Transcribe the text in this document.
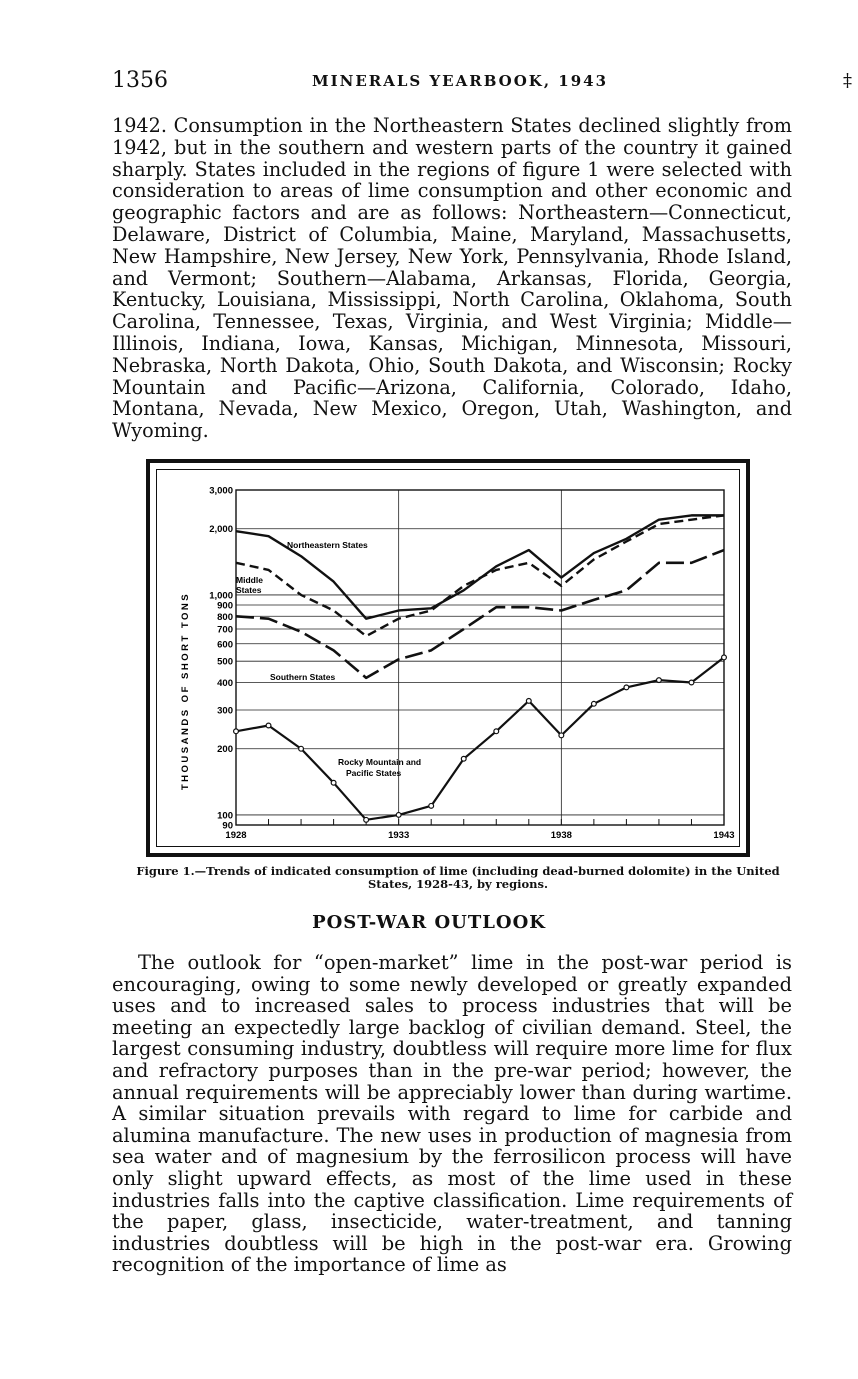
1356	MINERALS YEARBOOK, 1943	‡

1942. Consumption in the Northeastern States declined slightly from 1942, but in the southern and western parts of the country it gained sharply. States included in the regions of figure 1 were selected with consideration to areas of lime consumption and other economic and geographic factors and are as follows: Northeastern—Connecticut, Delaware, District of Columbia, Maine, Maryland, Massachusetts, New Hampshire, New Jersey, New York, Pennsylvania, Rhode Island, and Vermont; Southern—Alabama, Arkansas, Florida, Georgia, Kentucky, Louisiana, Mississippi, North Carolina, Oklahoma, South Carolina, Tennessee, Texas, Virginia, and West Virginia; Middle—Illinois, Indiana, Iowa, Kansas, Michigan, Minnesota, Missouri, Nebraska, North Dakota, Ohio, South Dakota, and Wisconsin; Rocky Mountain and Pacific—Arizona, California, Colorado, Idaho, Montana, Nevada, New Mexico, Oregon, Utah, Washington, and Wyoming.

90
100
200
300
400
500
600
700
800
900
1,000
2,000
3,000
1928	1933	1938	1943
Northeastern States
Middle
States
Southern States
Rocky Mountain and
Pacific States
THOUSANDS OF SHORT TONS
Figure 1.—Trends of indicated consumption of lime (including dead-burned dolomite) in the United States, 1928-43, by regions.
POST-WAR OUTLOOK

The outlook for “open-market” lime in the post-war period is encouraging, owing to some newly developed or greatly expanded uses and to increased sales to process industries that will be meeting an expectedly large backlog of civilian demand. Steel, the largest consuming industry, doubtless will require more lime for flux and refractory purposes than in the pre-war period; however, the annual requirements will be appreciably lower than during wartime. A similar situation prevails with regard to lime for carbide and alumina manufacture. The new uses in production of magnesia from sea water and of magnesium by the ferrosilicon process will have only slight upward effects, as most of the lime used in these industries falls into the captive classification. Lime requirements of the paper, glass, insecticide, water-treatment, and tanning industries doubtless will be high in the post-war era. Growing recognition of the importance of lime as
